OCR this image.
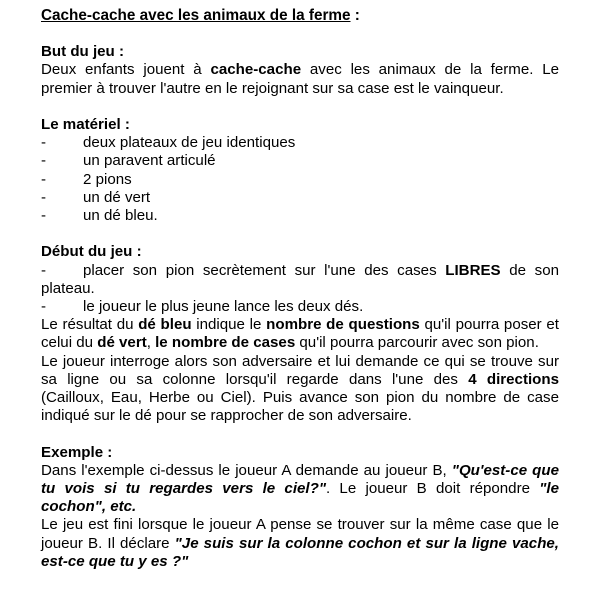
Cache-cache avec les animaux de la ferme :
But du jeu :

Deux enfants jouent à cache-cache avec les animaux de la ferme. Le premier à trouver l'autre en le rejoignant sur sa case est le vainqueur.

Le matériel :
- deux plateaux de jeu identiques
- un paravent articulé
- 2 pions
- un dé vert
- un dé bleu.
Début du jeu :

- placer son pion secrètement sur l'une des cases LIBRES de son plateau.

- le joueur le plus jeune lance les deux dés.

Le résultat du dé bleu indique le nombre de questions qu'il pourra poser et celui du dé vert, le nombre de cases qu'il pourra parcourir avec son pion.

Le joueur interroge alors son adversaire et lui demande ce qui se trouve sur sa ligne ou sa colonne lorsqu'il regarde dans l'une des 4 directions (Cailloux, Eau, Herbe ou Ciel). Puis avance son pion du nombre de case indiqué sur le dé pour se rapprocher de son adversaire.

Exemple :

Dans l'exemple ci-dessus le joueur A demande au joueur B, "Qu'est-ce que tu vois si tu regardes vers le ciel?". Le joueur B doit répondre "le cochon", etc.

Le jeu est fini lorsque le joueur A pense se trouver sur la même case que le joueur B. Il déclare "Je suis sur la colonne cochon et sur la ligne vache, est-ce que tu y es ?"
